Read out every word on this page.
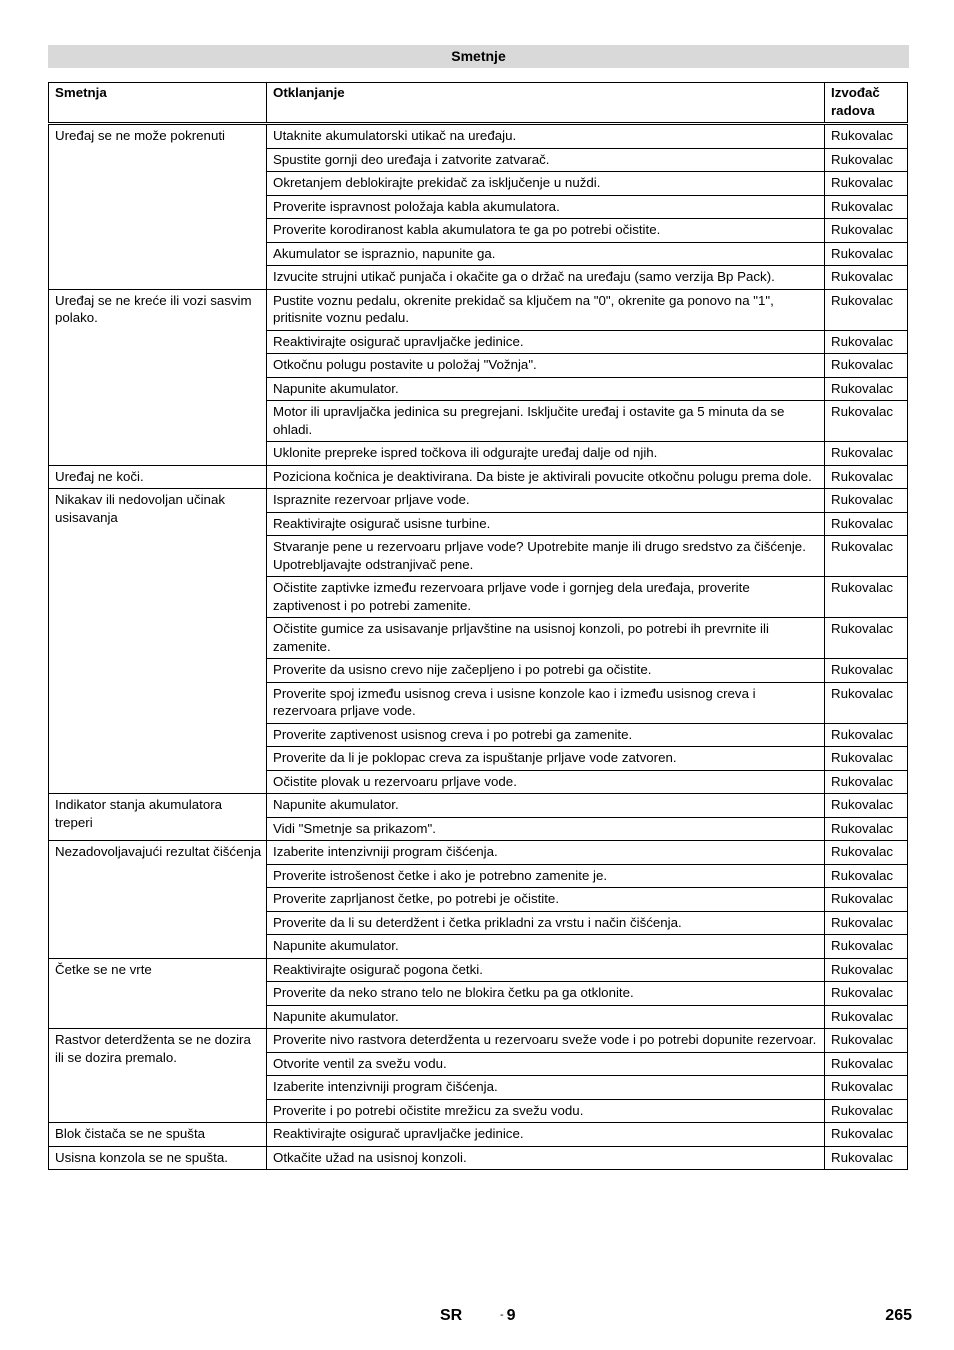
Smetnje
Smetnja	Otklanjanje	Izvođač radova
Uređaj se ne može pokrenuti	Utaknite akumulatorski utikač na uređaju.	Rukovalac
	Spustite gornji deo uređaja i zatvorite zatvarač.	Rukovalac
	Okretanjem deblokirajte prekidač za isključenje u nuždi.	Rukovalac
	Proverite ispravnost položaja kabla akumulatora.	Rukovalac
	Proverite korodiranost kabla akumulatora te ga po potrebi očistite.	Rukovalac
	Akumulator se ispraznio, napunite ga.	Rukovalac
	Izvucite strujni utikač punjača i okačite ga o držač na uređaju (samo verzija Bp Pack).	Rukovalac
Uređaj se ne kreće ili vozi sasvim polako.	Pustite voznu pedalu, okrenite prekidač sa ključem na "0", okrenite ga ponovo na "1", pritisnite voznu pedalu.	Rukovalac
	Reaktivirajte osigurač upravljačke jedinice.	Rukovalac
	Otkočnu polugu postavite u položaj "Vožnja".	Rukovalac
	Napunite akumulator.	Rukovalac
	Motor ili upravljačka jedinica su pregrejani. Isključite uređaj i ostavite ga 5 minuta da se ohladi.	Rukovalac
	Uklonite prepreke ispred točkova ili odgurajte uređaj dalje od njih.	Rukovalac
Uređaj ne koči.	Poziciona kočnica je deaktivirana. Da biste je aktivirali povucite otkočnu polugu prema dole.	Rukovalac
Nikakav ili nedovoljan učinak usisavanja	Ispraznite rezervoar prljave vode.	Rukovalac
	Reaktivirajte osigurač usisne turbine.	Rukovalac
	Stvaranje pene u rezervoaru prljave vode? Upotrebite manje ili drugo sredstvo za čišćenje. Upotrebljavajte odstranjivač pene.	Rukovalac
	Očistite zaptivke između rezervoara prljave vode i gornjeg dela uređaja, proverite zaptivenost i po potrebi zamenite.	Rukovalac
	Očistite gumice za usisavanje prljavštine na usisnoj konzoli, po potrebi ih prevrnite ili zamenite.	Rukovalac
	Proverite da usisno crevo nije začepljeno i po potrebi ga očistite.	Rukovalac
	Proverite spoj između usisnog creva i usisne konzole kao i između usisnog creva i rezervoara prljave vode.	Rukovalac
	Proverite zaptivenost usisnog creva i po potrebi ga zamenite.	Rukovalac
	Proverite da li je poklopac creva za ispuštanje prljave vode zatvoren.	Rukovalac
	Očistite plovak u rezervoaru prljave vode.	Rukovalac
Indikator stanja akumulatora treperi	Napunite akumulator.	Rukovalac
	Vidi "Smetnje sa prikazom".	Rukovalac
Nezadovoljavajući rezultat čišćenja	Izaberite intenzivniji program čišćenja.	Rukovalac
	Proverite istrošenost četke i ako je potrebno zamenite je.	Rukovalac
	Proverite zaprljanost četke, po potrebi je očistite.	Rukovalac
	Proverite da li su deterdžent i četka prikladni za vrstu i način čišćenja.	Rukovalac
	Napunite akumulator.	Rukovalac
Četke se ne vrte	Reaktivirajte osigurač pogona četki.	Rukovalac
	Proverite da neko strano telo ne blokira četku pa ga otklonite.	Rukovalac
	Napunite akumulator.	Rukovalac
Rastvor deterdženta se ne dozira ili se dozira premalo.	Proverite nivo rastvora deterdženta u rezervoaru sveže vode i po potrebi dopunite rezervoar.	Rukovalac
	Otvorite ventil za svežu vodu.	Rukovalac
	Izaberite intenzivniji program čišćenja.	Rukovalac
	Proverite i po potrebi očistite mrežicu za svežu vodu.	Rukovalac
Blok čistača se ne spušta	Reaktivirajte osigurač upravljačke jedinice.	Rukovalac
Usisna konzola se ne spušta.	Otkačite užad na usisnoj konzoli.	Rukovalac
SR	- 9	265
